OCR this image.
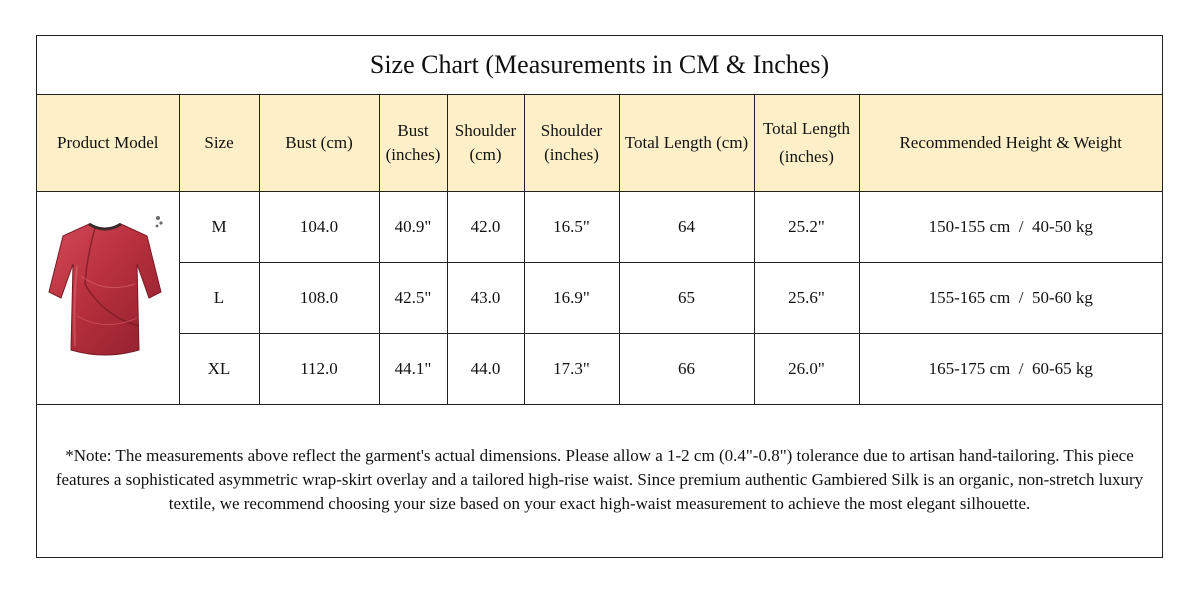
Size Chart (Measurements in CM & Inches)
Product Model	Size	Bust (cm)	Bust (inches)	Shoulder (cm)	Shoulder (inches)	Total Length (cm)	Total Length (inches)	Recommended Height & Weight

	M	104.0	40.9"	42.0	16.5"	64	25.2"	150-155 cm  /  40-50 kg
	L	108.0	42.5"	43.0	16.9"	65	25.6"	155-165 cm  /  50-60 kg
	XL	112.0	44.1"	44.0	17.3"	66	26.0"	165-175 cm  /  60-65 kg
*Note: The measurements above reflect the garment's actual dimensions. Please allow a 1-2 cm (0.4"-0.8") tolerance due to artisan hand-tailoring. This piece features a sophisticated asymmetric wrap-skirt overlay and a tailored high-rise waist. Since premium authentic Gambiered Silk is an organic, non-stretch luxury textile, we recommend choosing your size based on your exact high-waist measurement to achieve the most elegant silhouette.
